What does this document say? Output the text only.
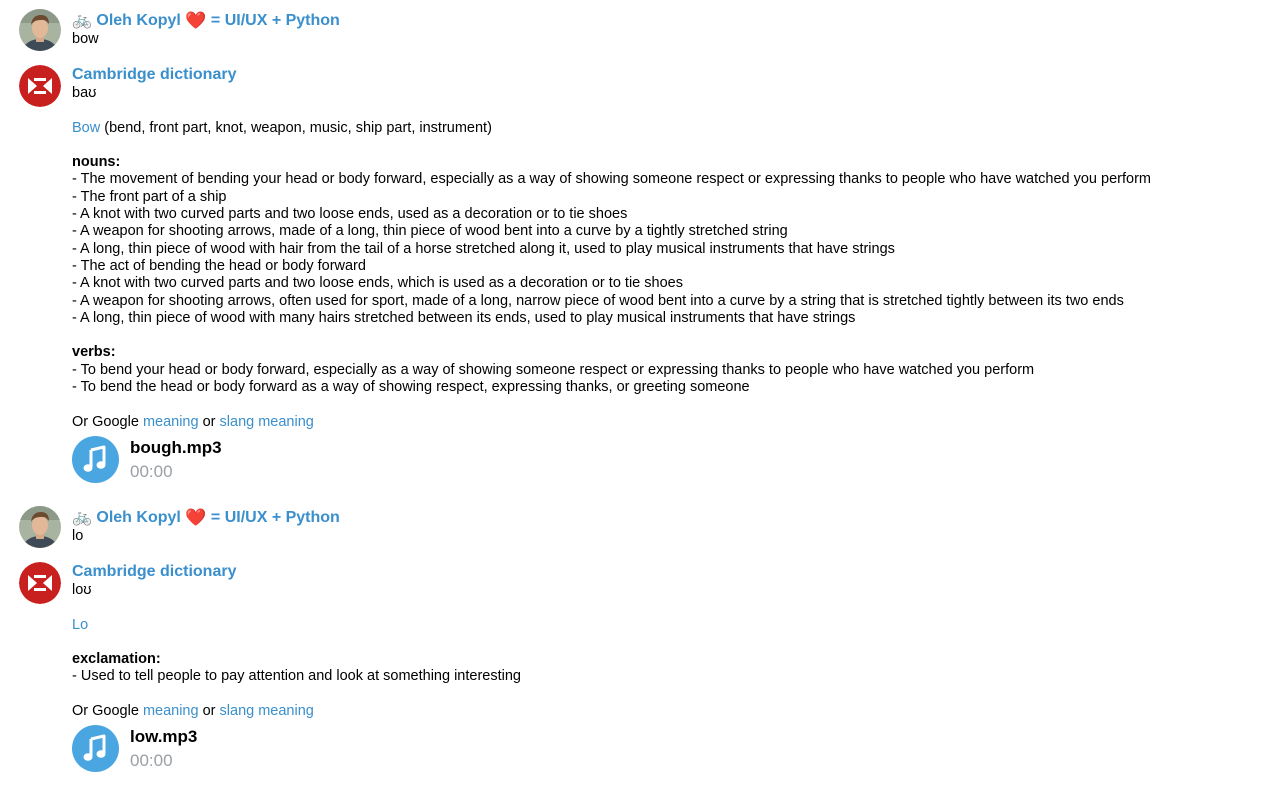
🚲 Oleh Kopyl ❤️ = UI/UX + Python
bow
Cambridge dictionary
baʊ
Bow (bend, front part, knot, weapon, music, ship part, instrument)
nouns:
- The movement of bending your head or body forward, especially as a way of showing someone respect or expressing thanks to people who have watched you perform
- The front part of a ship
- A knot with two curved parts and two loose ends, used as a decoration or to tie shoes
- A weapon for shooting arrows, made of a long, thin piece of wood bent into a curve by a tightly stretched string
- A long, thin piece of wood with hair from the tail of a horse stretched along it, used to play musical instruments that have strings
- The act of bending the head or body forward
- A knot with two curved parts and two loose ends, which is used as a decoration or to tie shoes
- A weapon for shooting arrows, often used for sport, made of a long, narrow piece of wood bent into a curve by a string that is stretched tightly between its two ends
- A long, thin piece of wood with many hairs stretched between its ends, used to play musical instruments that have strings
verbs:
- To bend your head or body forward, especially as a way of showing someone respect or expressing thanks to people who have watched you perform
- To bend the head or body forward as a way of showing respect, expressing thanks, or greeting someone
Or Google meaning or slang meaning
bough.mp3
00:00
🚲 Oleh Kopyl ❤️ = UI/UX + Python
lo
Cambridge dictionary
loʊ
Lo
exclamation:
- Used to tell people to pay attention and look at something interesting
Or Google meaning or slang meaning
low.mp3
00:00
